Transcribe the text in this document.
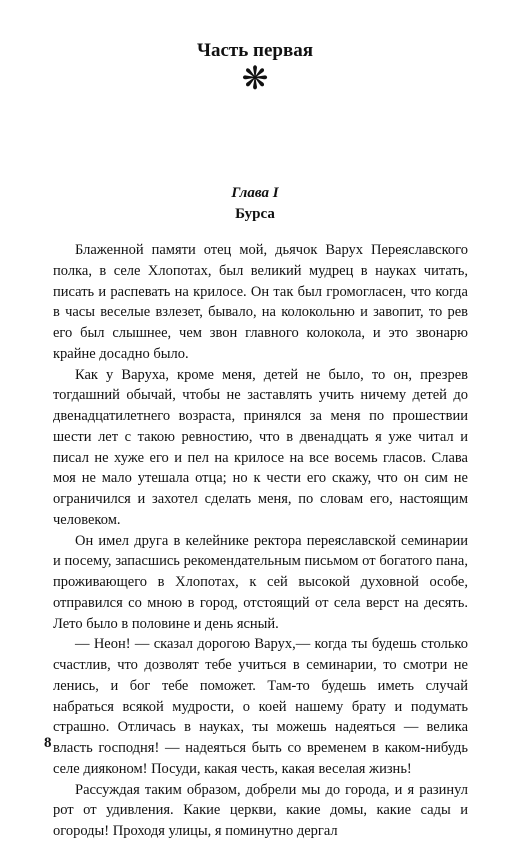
Часть первая
❋
Глава I
Бурса

Блаженной памяти отец мой, дьячок Варух Переяславского полка, в селе Хлопотах, был великий мудрец в науках читать, писать и распевать на крилосе. Он так был громогласен, что когда в часы веселые взлезет, бывало, на колокольню и завопит, то рев его был слышнее, чем звон главного колокола, и это звонарю крайне досадно было.

Как у Варуха, кроме меня, детей не было, то он, презрев тогдашний обычай, чтобы не заставлять учить ничему детей до двенадцатилетнего возраста, принялся за меня по прошествии шести лет с такою ревностию, что в двенадцать я уже читал и писал не хуже его и пел на крилосе на все восемь гласов. Слава моя не мало утешала отца; но к чести его скажу, что он сим не ограничился и захотел сделать меня, по словам его, настоящим человеком.

Он имел друга в келейнике ректора переяславской семинарии и посему, запасшись рекомендательным письмом от богатого пана, проживающего в Хлопотах, к сей высокой духовной особе, отправился со мною в город, отстоящий от села верст на десять. Лето было в половине и день ясный.

— Неон! — сказал дорогою Варух,— когда ты будешь столько счастлив, что дозволят тебе учиться в семинарии, то смотри не ленись, и бог тебе поможет. Там-то будешь иметь случай набраться всякой мудрости, о коей нашему брату и подумать страшно. Отличась в науках, ты можешь надеяться — велика власть господня! — надеяться быть со временем в каком-нибудь селе дияконом! Посуди, какая честь, какая веселая жизнь!

Рассуждая таким образом, добрели мы до города, и я разинул рот от удивления. Какие церкви, какие домы, какие сады и огороды! Проходя улицы, я поминутно дергал

8
